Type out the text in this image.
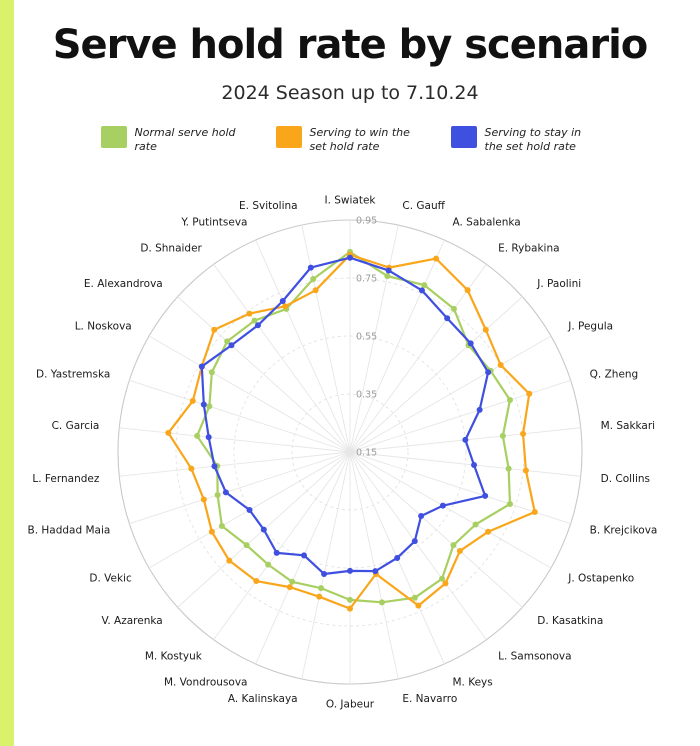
Serve hold rate by scenario
2024 Season up to 7.10.24
Normal serve hold rate
Serving to win the set hold rate
Serving to stay in the set hold rate
0.15
0.35
0.55
0.75
0.95
I. Swiatek	C. Gauff
A. Sabalenka
E. Rybakina
J. Paolini
J. Pegula
Q. Zheng
M. Sakkari
D. Collins
B. Krejcikova
J. Ostapenko
D. Kasatkina
L. Samsonova
M. Keys
E. Navarro
O. Jabeur
A. Kalinskaya
M. Vondrousova
M. Kostyuk
V. Azarenka
D. Vekic
B. Haddad Maia
L. Fernandez
C. Garcia
D. Yastremska
L. Noskova
E. Alexandrova
D. Shnaider
Y. Putintseva
E. Svitolina
